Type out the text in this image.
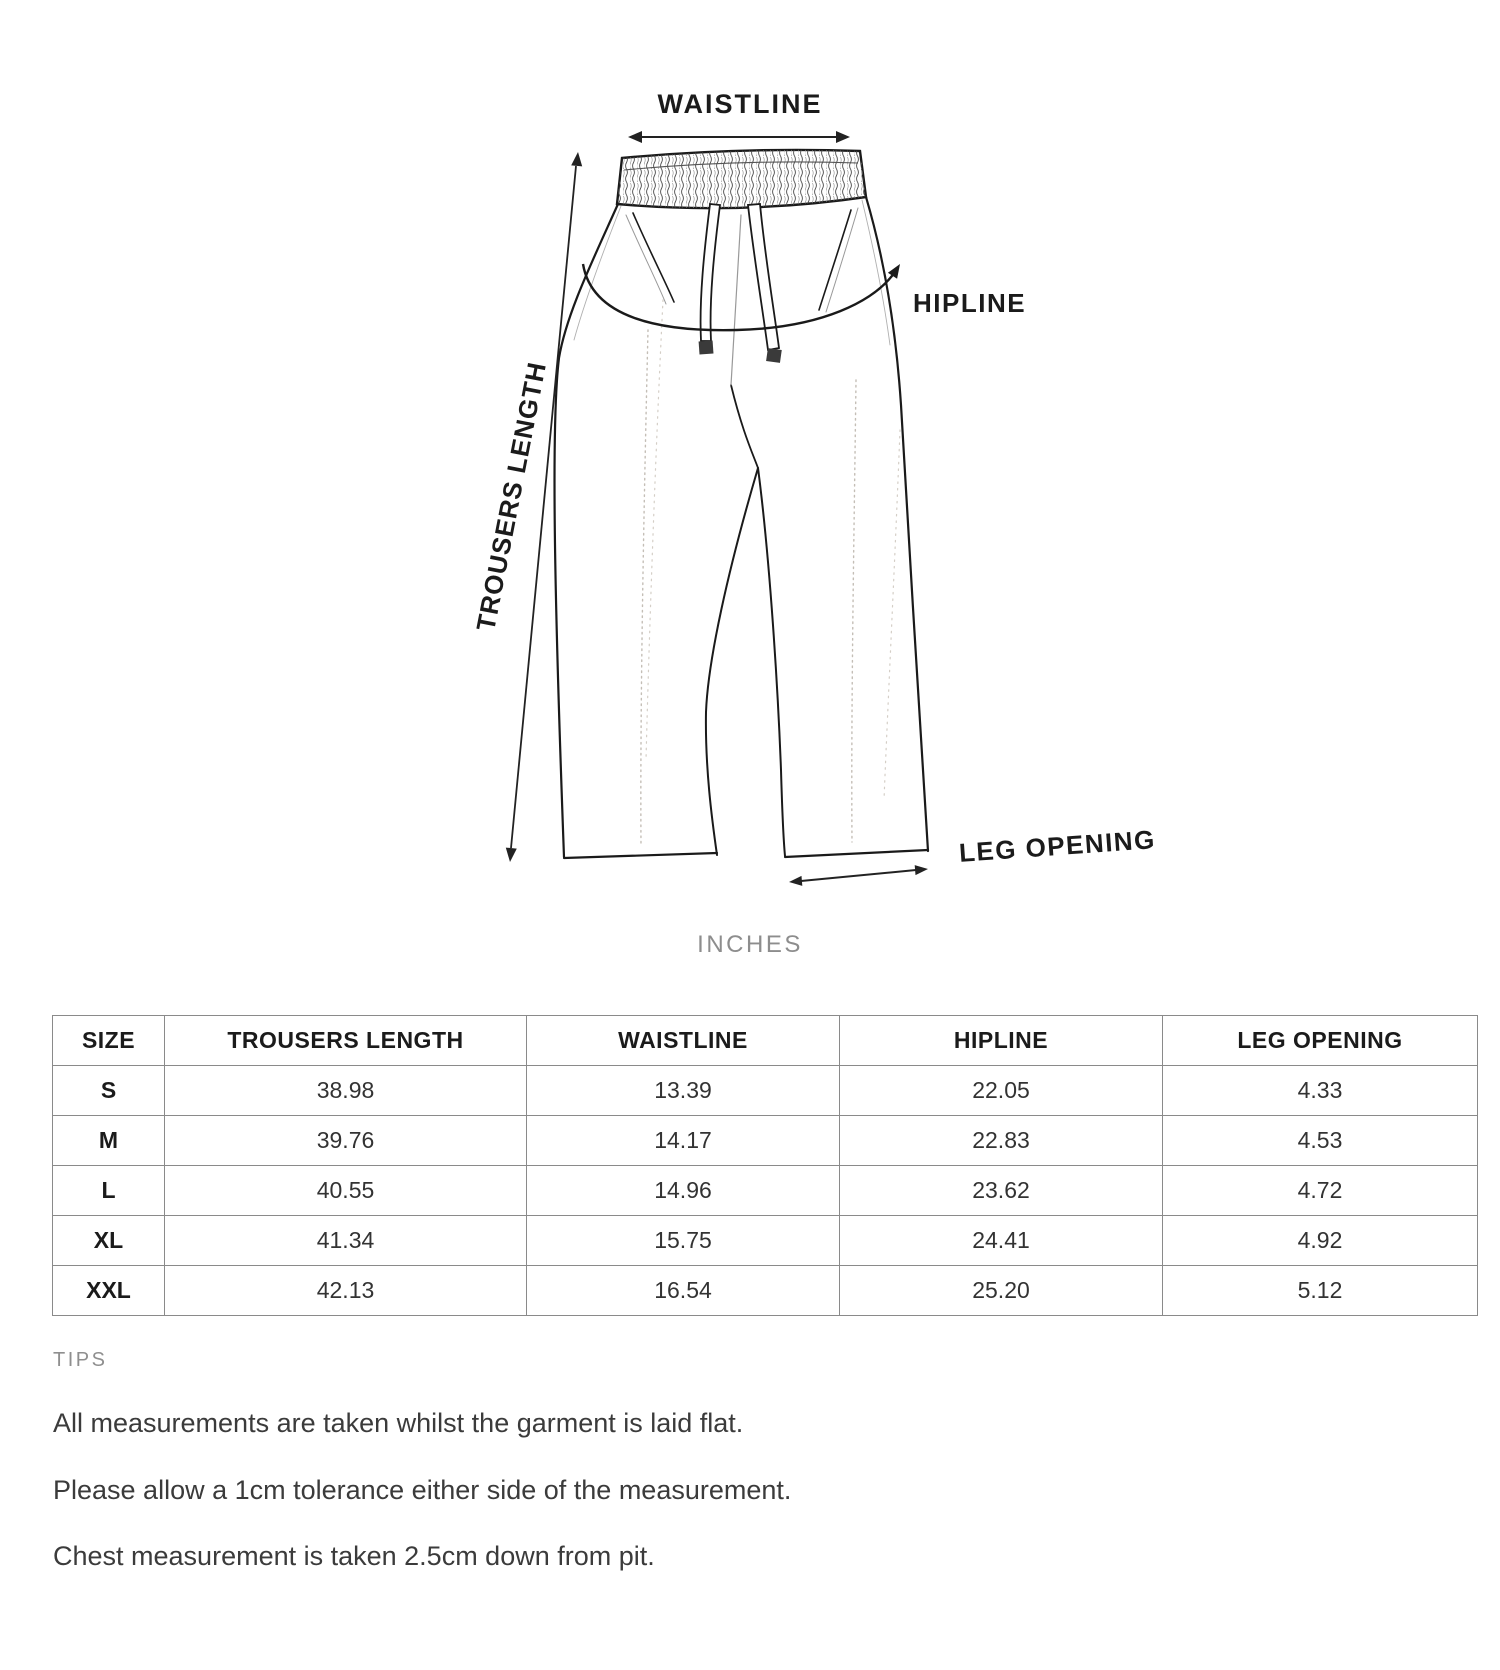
WAISTLINE
HIPLINE
TROUSERS LENGTH
LEG OPENING
INCHES
SIZE	TROUSERS LENGTH	WAISTLINE	HIPLINE	LEG OPENING
S	38.98	13.39	22.05	4.33
M	39.76	14.17	22.83	4.53
L	40.55	14.96	23.62	4.72
XL	41.34	15.75	24.41	4.92
XXL	42.13	16.54	25.20	5.12
TIPS

All measurements are taken whilst the garment is laid flat.

Please allow a 1cm tolerance either side of the measurement.

Chest measurement is taken 2.5cm down from pit.
